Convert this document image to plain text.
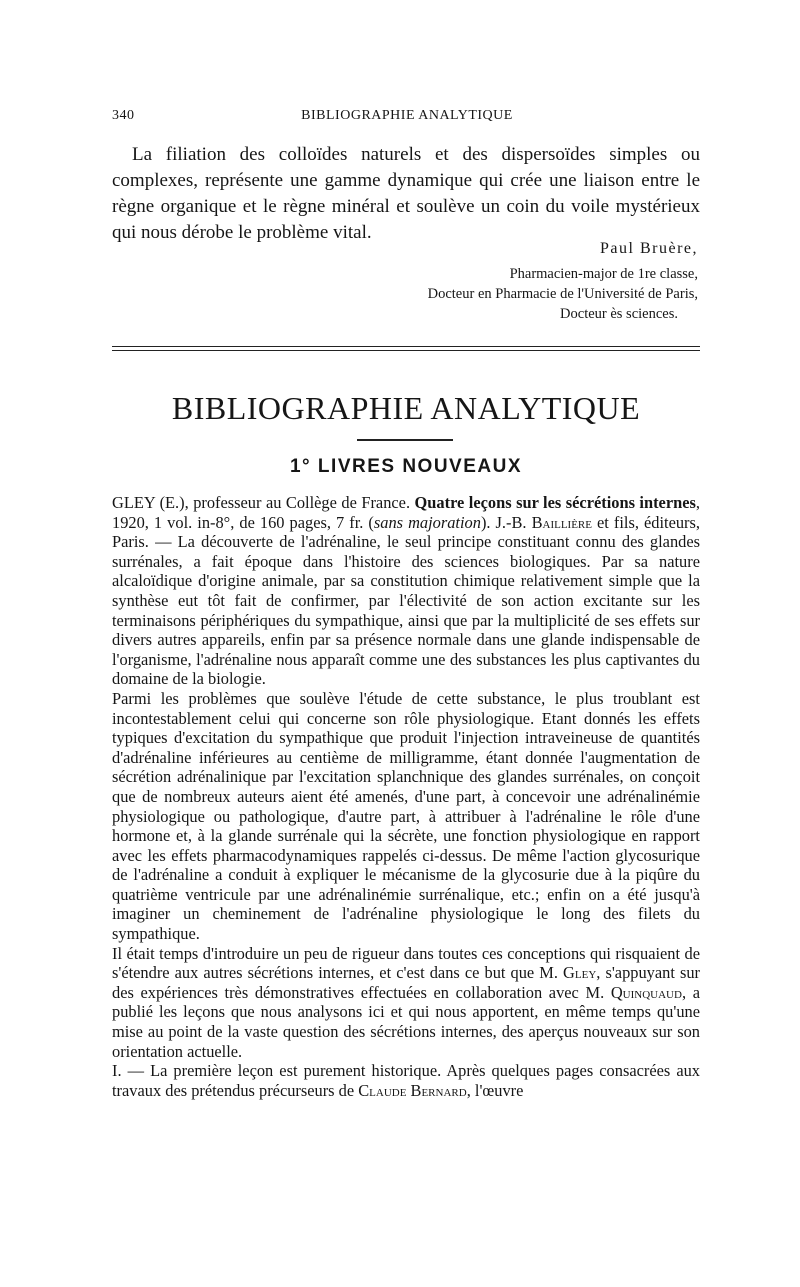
340	BIBLIOGRAPHIE ANALYTIQUE

La filiation des colloïdes naturels et des dispersoïdes simples ou complexes, représente une gamme dynamique qui crée une liaison entre le règne organique et le règne minéral et soulève un coin du voile mystérieux qui nous dérobe le problème vital.

Paul Bruère,
Pharmacien-major de 1re classe,
Docteur en Pharmacie de l'Université de Paris,
Docteur ès sciences.
BIBLIOGRAPHIE ANALYTIQUE
1° LIVRES NOUVEAUX

GLEY (E.), professeur au Collège de France. Quatre leçons sur les sécrétions internes, 1920, 1 vol. in-8°, de 160 pages, 7 fr. (sans majoration). J.-B. Baillière et fils, éditeurs, Paris. — La découverte de l'adrénaline, le seul principe constituant connu des glandes surrénales, a fait époque dans l'histoire des sciences biologiques. Par sa nature alcaloïdique d'origine animale, par sa constitution chimique relativement simple que la synthèse eut tôt fait de confirmer, par l'électivité de son action excitante sur les terminaisons périphériques du sympathique, ainsi que par la multiplicité de ses effets sur divers autres appareils, enfin par sa présence normale dans une glande indispensable de l'organisme, l'adrénaline nous apparaît comme une des substances les plus captivantes du domaine de la biologie.

Parmi les problèmes que soulève l'étude de cette substance, le plus troublant est incontestablement celui qui concerne son rôle physiologique. Etant donnés les effets typiques d'excitation du sympathique que produit l'injection intraveineuse de quantités d'adrénaline inférieures au centième de milligramme, étant donnée l'augmentation de sécrétion adrénalinique par l'excitation splanchnique des glandes surrénales, on conçoit que de nombreux auteurs aient été amenés, d'une part, à concevoir une adrénalinémie physiologique ou pathologique, d'autre part, à attribuer à l'adrénaline le rôle d'une hormone et, à la glande surrénale qui la sécrète, une fonction physiologique en rapport avec les effets pharmacodynamiques rappelés ci-dessus. De même l'action glycosurique de l'adrénaline a conduit à expliquer le mécanisme de la glycosurie due à la piqûre du quatrième ventricule par une adrénalinémie surrénalique, etc.; enfin on a été jusqu'à imaginer un cheminement de l'adrénaline physiologique le long des filets du sympathique.

Il était temps d'introduire un peu de rigueur dans toutes ces conceptions qui risquaient de s'étendre aux autres sécrétions internes, et c'est dans ce but que M. Gley, s'appuyant sur des expériences très démonstratives effectuées en collaboration avec M. Quinquaud, a publié les leçons que nous analysons ici et qui nous apportent, en même temps qu'une mise au point de la vaste question des sécrétions internes, des aperçus nouveaux sur son orientation actuelle.

I. — La première leçon est purement historique. Après quelques pages consacrées aux travaux des prétendus précurseurs de Claude Bernard, l'œuvre
